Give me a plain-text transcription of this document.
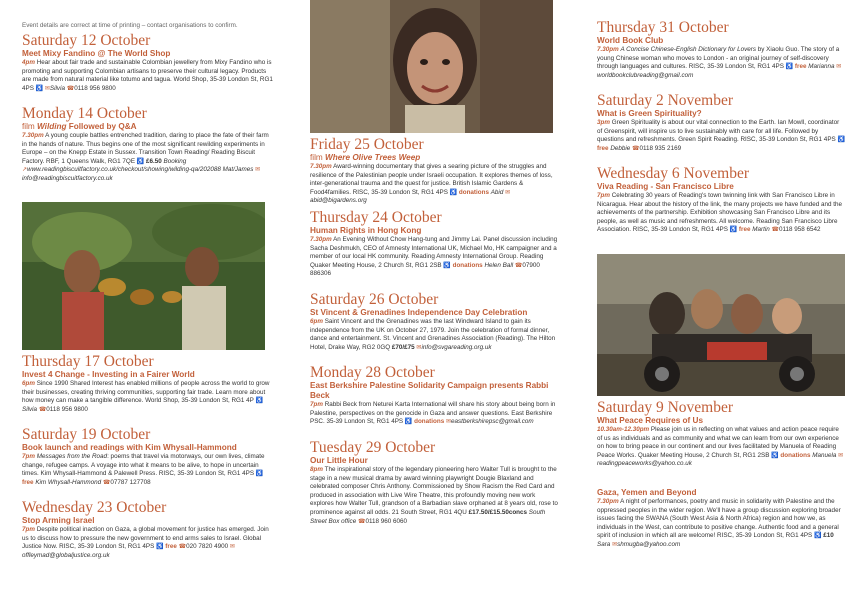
Event details are correct at time of printing – contact organisations to confirm.
Saturday 12 October
Meet Mixy Fandino @ The World Shop
4pm Hear about fair trade and sustainable Colombian jewellery from Mixy Fandino who is promoting and supporting Colombian artisans to preserve their cultural legacy. Products are made from natural material like totumo and tagua. World Shop, 35-39 London St, RG1 4PS ♿ ✉Silvia ☎0118 956 9800
Monday 14 October
film Wilding Followed by Q&A
7.30pm A young couple battles entrenched tradition, daring to place the fate of their farm in the hands of nature. Thus begins one of the most significant rewilding experiments in Europe – on the Knepp Estate in Sussex. Transition Town Reading/ Reading Biscuit Factory. RBF, 1 Queens Walk, RG1 7QE ♿ £6.50 Booking ↗www.readingbiscuitfactory.co.uk/checkout/showing/wilding-qa/202088 Mat/James ✉info@readingbiscuitfactory.co.uk
Thursday 17 October
Invest 4 Change - Investing in a Fairer World
6pm Since 1990 Shared Interest has enabled millions of people across the world to grow their businesses, creating thriving communities, supporting fair trade. Learn more about how money can make a tangible difference. World Shop, 35-39 London St, RG1 4P ♿ Silvia ☎0118 956 9800
Saturday 19 October
Book launch and readings with Kim Whysall-Hammond
7pm Messages from the Road: poems that travel via motorways, our own lives, climate change, refugee camps. A voyage into what it means to be alive, to hope in uncertain times. Kim Whysall-Hammond & Palewell Press. RISC, 35-39 London St, RG1 4PS ♿ free Kim Whysall-Hammond ☎07787 127708
Wednesday 23 October
Stop Arming Israel
7pm Despite political inaction on Gaza, a global movement for justice has emerged. Join us to discuss how to pressure the new government to end arms sales to Israel. Global Justice Now. RISC, 35-39 London St, RG1 4PS ♿ free ☎020 7820 4900 ✉offleymad@globaljustice.org.uk
Friday 25 October
film Where Olive Trees Weep
7.30pm Award-winning documentary that gives a searing picture of the struggles and resilience of the Palestinian people under Israeli occupation. It explores themes of loss, inter-generational trauma and the quest for justice. British Islamic Gardens & Food4families. RISC, 35-39 London St, RG1 4PS ♿ donations Abid ✉abid@bigardens.org
Thursday 24 October
Human Rights in Hong Kong
7.30pm An Evening Without Chow Hang-tung and Jimmy Lai. Panel discussion including Sacha Deshmukh, CEO of Amnesty International UK, Michael Mo, HK campaigner and a member of our local HK community. Reading Amnesty International Group. Reading Quaker Meeting House, 2 Church St, RG1 2SB ♿ donations Helen Ball ☎07900 886306
Saturday 26 October
St Vincent & Grenadines Independence Day Celebration
6pm Saint Vincent and the Grenadines was the last Windward Island to gain its independence from the UK on October 27, 1979. Join the celebration of formal dinner, dance and entertainment. St. Vincent and Grenadines Association (Reading). The Hilton Hotel, Drake Way, RG2 0GQ £70/£75 ✉info@svgareading.org.uk
Monday 28 October
East Berkshire Palestine Solidarity Campaign presents Rabbi Beck
7pm Rabbi Beck from Neturei Karta International will share his story about being born in Palestine, perspectives on the genocide in Gaza and answer questions. East Berkshire PSC. 35-39 London St, RG1 4PS ♿ donations ✉eastberkshirepsc@gmail.com
Tuesday 29 October
Our Little Hour
8pm The inspirational story of the legendary pioneering hero Walter Tull is brought to the stage in a new musical drama by award winning playwright Dougie Blaxland and celebrated composer Chris Anthony. Commissioned by Show Racism the Red Card and produced in association with Live Wire Theatre, this profoundly moving new work explores how Walter Tull, grandson of a Barbadian slave orphaned at 8 years old, rose to prominence against all odds. 21 South Street, RG1 4QU £17.50/£15.50concs South Street Box office ☎0118 960 6060
Thursday 31 October
World Book Club
7.30pm A Concise Chinese-English Dictionary for Lovers by Xiaolu Guo. The story of a young Chinese woman who moves to London - an original journey of self-discovery through languages and cultures. RISC, 35-39 London St, RG1 4PS ♿ free Marianna ✉worldbookclubreading@gmail.com
Saturday 2 November
What is Green Spirituality?
3pm Green Spirituality is about our vital connection to the Earth. Ian Mowll, coordinator of Greenspirit, will inspire us to live sustainably with care for all life. Followed by questions and refreshments. Green Spirit Reading. RISC, 35-39 London St, RG1 4PS ♿ free Debbie ☎0118 935 2169
Wednesday 6 November
Viva Reading - San Francisco Libre
7pm Celebrating 30 years of Reading's town twinning link with San Francisco Libre in Nicaragua. Hear about the history of the link, the many projects we have funded and the achievements of the partnership. Exhibition showcasing San Francisco Libre and its people, as well as music and refreshments. All welcome. Reading San Francisco Libre Association. RISC, 35-39 London St, RG1 4PS ♿ free Martin ☎0118 958 6542
Saturday 9 November
What Peace Requires of Us
10.30am-12.30pm Please join us in reflecting on what values and action peace require of us as individuals and as community and what we can learn from our own experience on how to bring peace in our continent and our lives facilitated by Manuela of Reading Peace Works. Quaker Meeting House, 2 Church St, RG1 2SB ♿ donations Manuela ✉readingpeaceworks@yahoo.co.uk
Gaza, Yemen and Beyond
7.30pm A night of performances, poetry and music in solidarity with Palestine and the oppressed peoples in the wider region. We'll have a group discussion exploring broader issues facing the SWANA (South West Asia & North Africa) region and how we, as individuals in the West, can contribute to positive change. Authentic food and a general spirit of inclusion in which all are welcome! RISC, 35-39 London St, RG1 4PS ♿ £10 Sara ✉shmugba@yahoo.com
